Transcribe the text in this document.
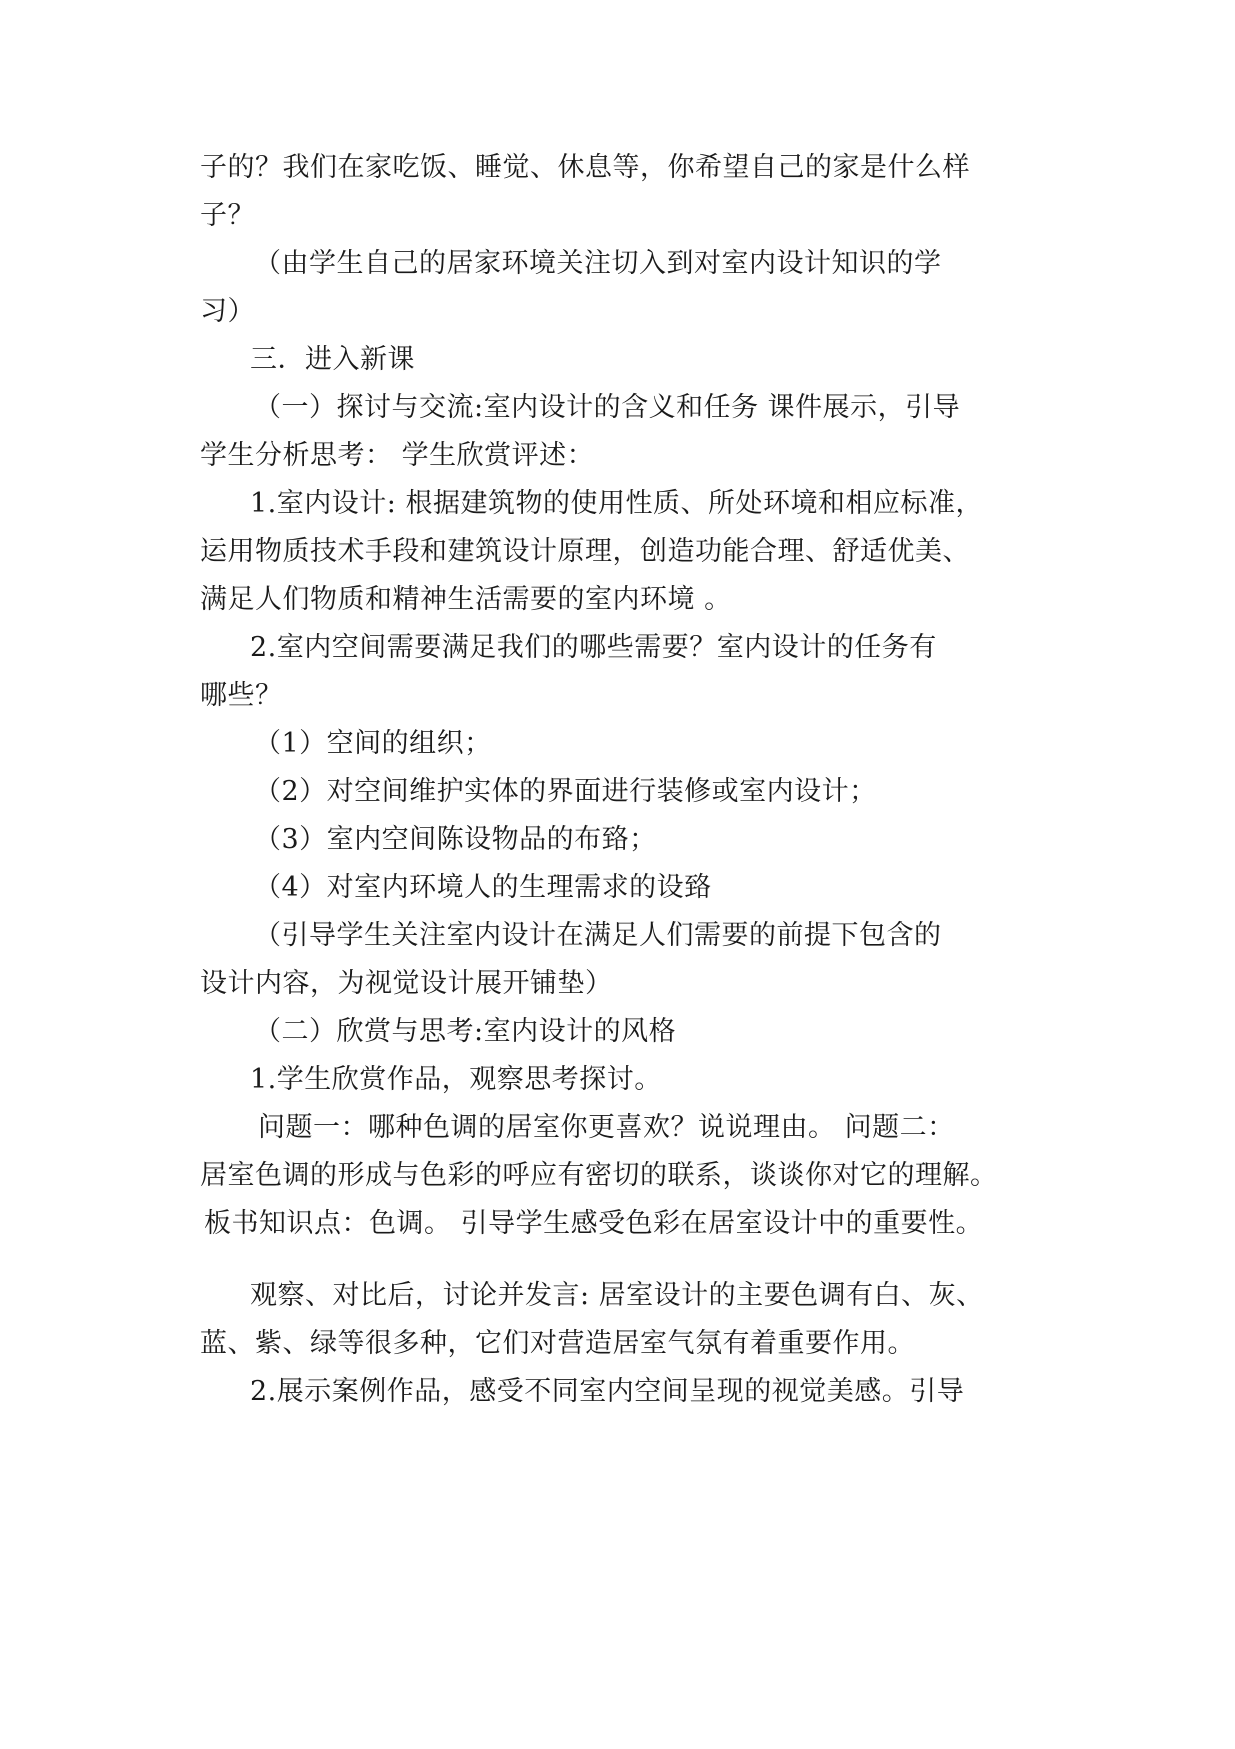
子的？我们在家吃饭、睡觉、休息等，你希望自己的家是什么样
子？
（由学生自己的居家环境关注切入到对室内设计知识的学
习）
三．进入新课
（一）探讨与交流:室内设计的含义和任务 课件展示，引导
学生分析思考： 学生欣赏评述：
1.室内设计: 根据建筑物的使用性质、所处环境和相应标准，
运用物质技术手段和建筑设计原理，创造功能合理、舒适优美、
满足人们物质和精神生活需要的室内环境 。
2.室内空间需要满足我们的哪些需要？室内设计的任务有
哪些？
（1）空间的组织；
（2）对空间维护实体的界面进行装修或室内设计；
（3）室内空间陈设物品的布臵；
（4）对室内环境人的生理需求的设臵
（引导学生关注室内设计在满足人们需要的前提下包含的
设计内容，为视觉设计展开铺垫）
（二）欣赏与思考:室内设计的风格
1.学生欣赏作品，观察思考探讨。
问题一：哪种色调的居室你更喜欢？说说理由。 问题二：
居室色调的形成与色彩的呼应有密切的联系，谈谈你对它的理解。
板书知识点：色调。 引导学生感受色彩在居室设计中的重要性。
观察、对比后，讨论并发言: 居室设计的主要色调有白、灰、
蓝、紫、绿等很多种，它们对营造居室气氛有着重要作用。
2.展示案例作品，感受不同室内空间呈现的视觉美感。引导
